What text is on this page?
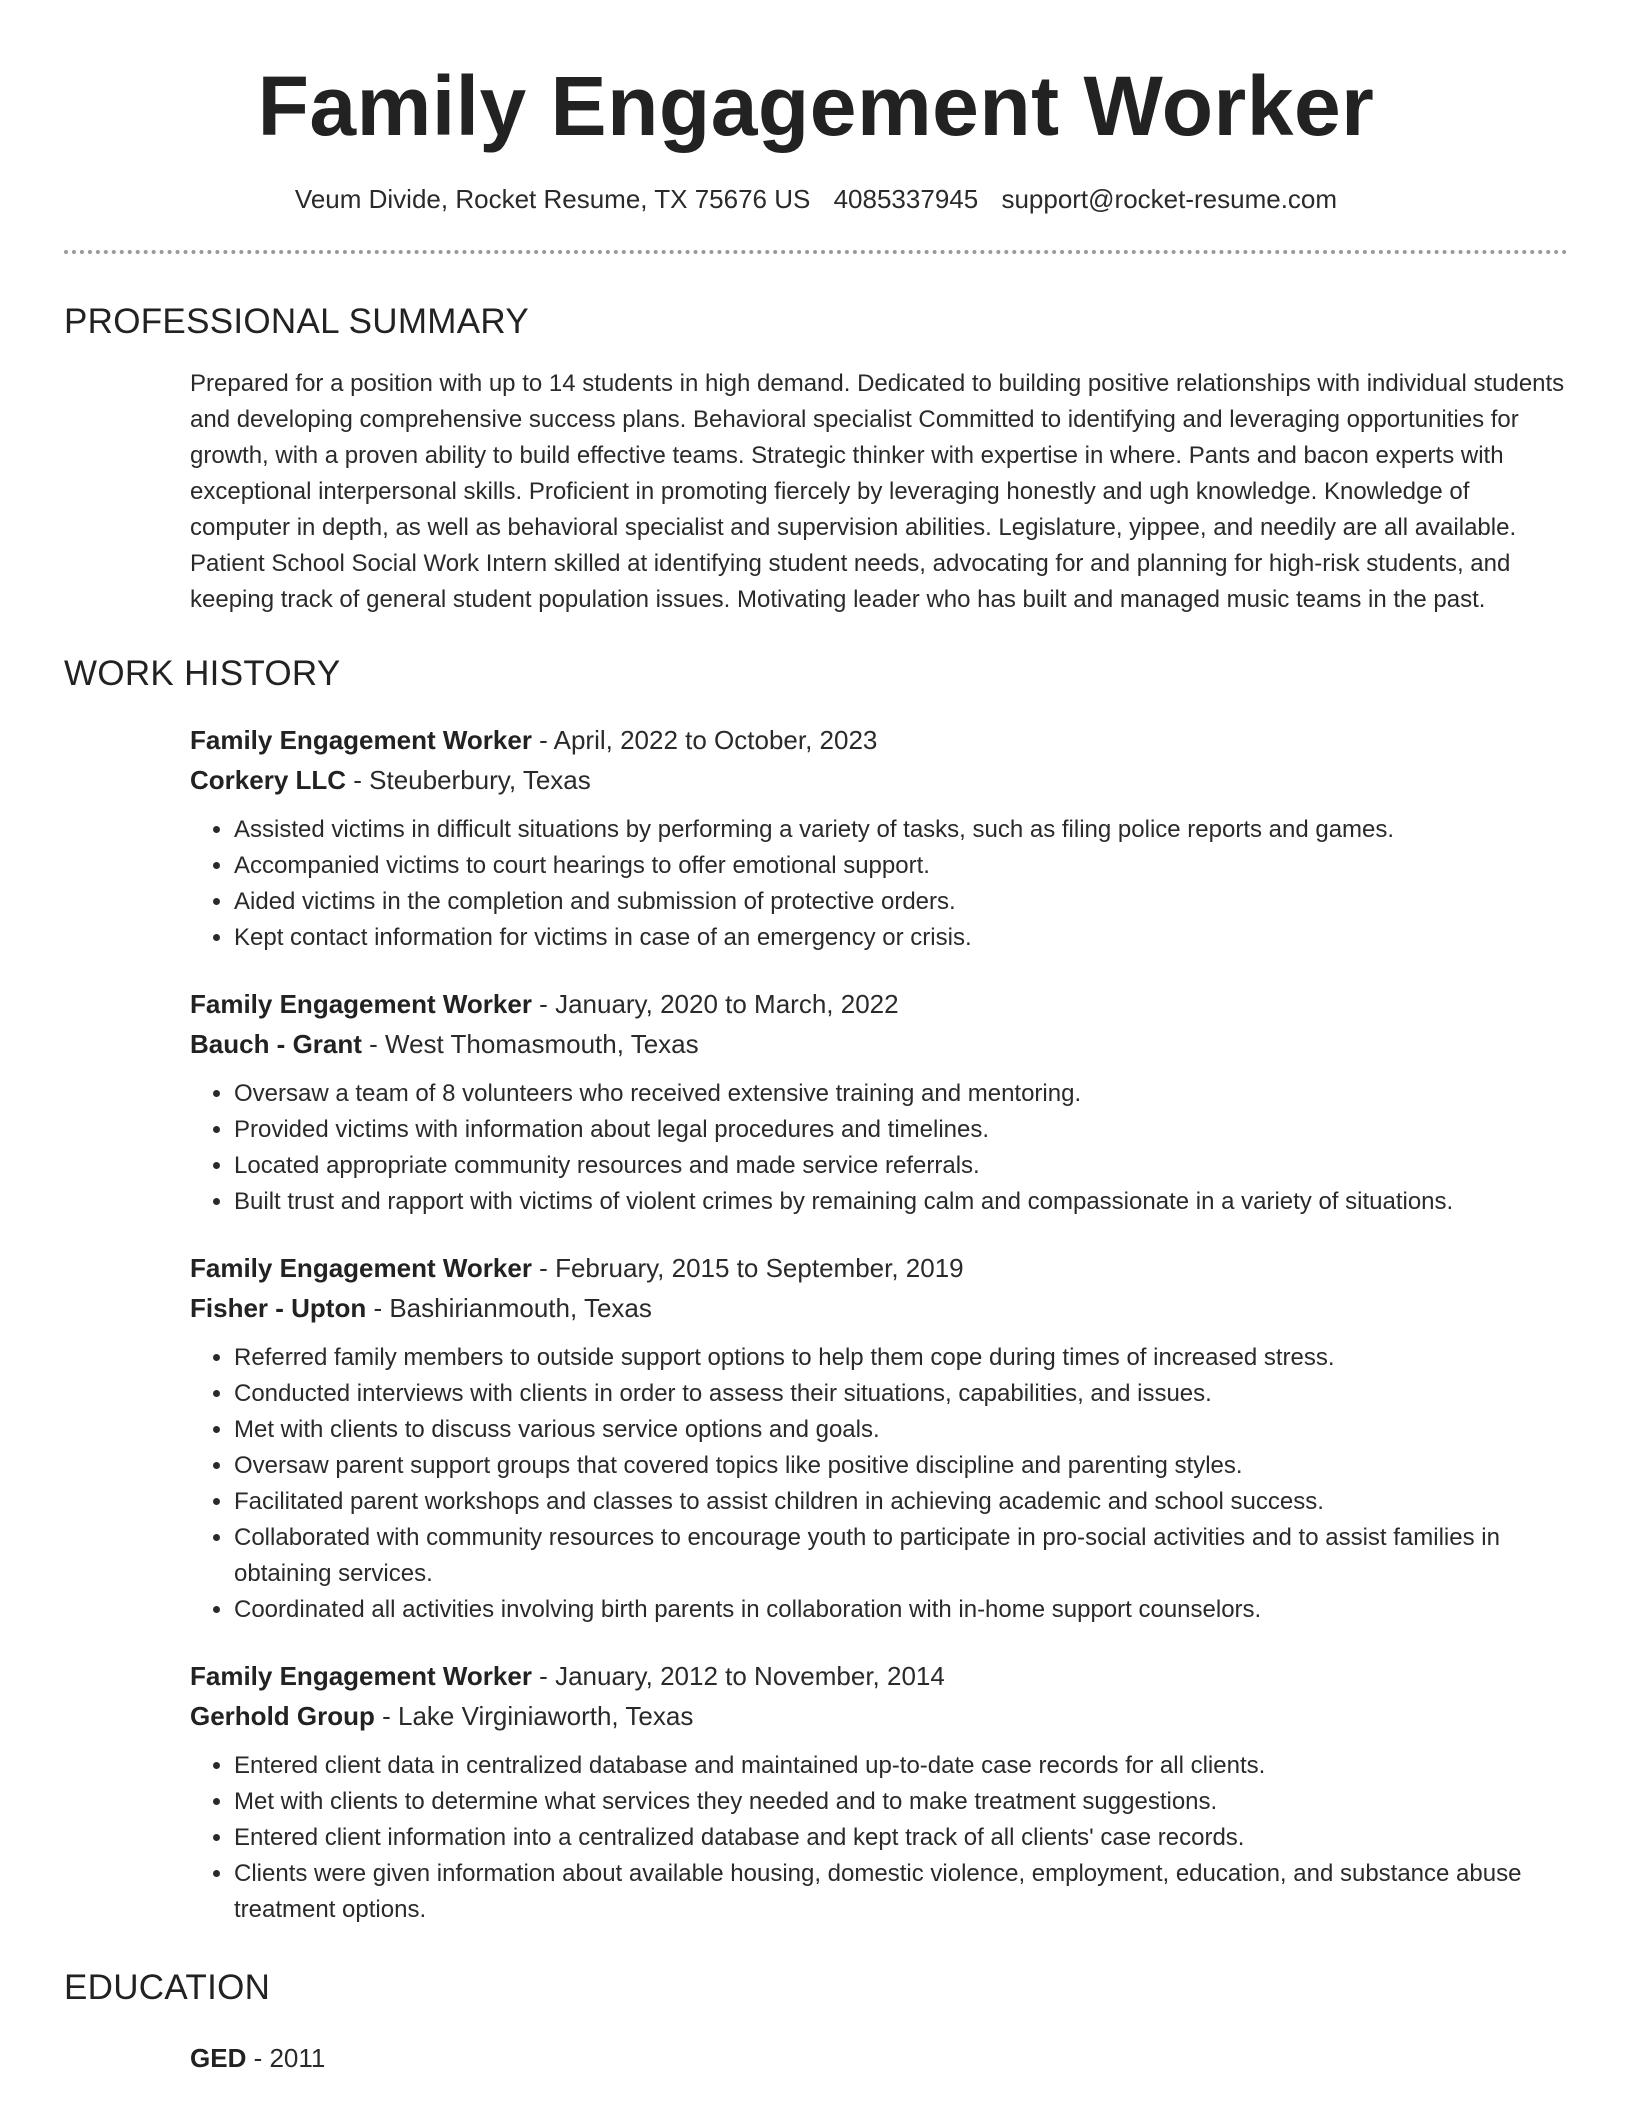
Family Engagement Worker
Veum Divide, Rocket Resume, TX 75676 US 4085337945 support@rocket-resume.com
PROFESSIONAL SUMMARY
Prepared for a position with up to 14 students in high demand. Dedicated to building positive relationships with individual students and developing comprehensive success plans. Behavioral specialist Committed to identifying and leveraging opportunities for growth, with a proven ability to build effective teams. Strategic thinker with expertise in where. Pants and bacon experts with exceptional interpersonal skills. Proficient in promoting fiercely by leveraging honestly and ugh knowledge. Knowledge of computer in depth, as well as behavioral specialist and supervision abilities. Legislature, yippee, and needily are all available. Patient School Social Work Intern skilled at identifying student needs, advocating for and planning for high-risk students, and keeping track of general student population issues. Motivating leader who has built and managed music teams in the past.
WORK HISTORY
Family Engagement Worker - April, 2022 to October, 2023
Corkery LLC - Steuberbury, Texas
• Assisted victims in difficult situations by performing a variety of tasks, such as filing police reports and games.
• Accompanied victims to court hearings to offer emotional support.
• Aided victims in the completion and submission of protective orders.
• Kept contact information for victims in case of an emergency or crisis.
Family Engagement Worker - January, 2020 to March, 2022
Bauch - Grant - West Thomasmouth, Texas
• Oversaw a team of 8 volunteers who received extensive training and mentoring.
• Provided victims with information about legal procedures and timelines.
• Located appropriate community resources and made service referrals.
• Built trust and rapport with victims of violent crimes by remaining calm and compassionate in a variety of situations.
Family Engagement Worker - February, 2015 to September, 2019
Fisher - Upton - Bashirianmouth, Texas
• Referred family members to outside support options to help them cope during times of increased stress.
• Conducted interviews with clients in order to assess their situations, capabilities, and issues.
• Met with clients to discuss various service options and goals.
• Oversaw parent support groups that covered topics like positive discipline and parenting styles.
• Facilitated parent workshops and classes to assist children in achieving academic and school success.
• Collaborated with community resources to encourage youth to participate in pro-social activities and to assist families in obtaining services.
• Coordinated all activities involving birth parents in collaboration with in-home support counselors.
Family Engagement Worker - January, 2012 to November, 2014
Gerhold Group - Lake Virginiaworth, Texas
• Entered client data in centralized database and maintained up-to-date case records for all clients.
• Met with clients to determine what services they needed and to make treatment suggestions.
• Entered client information into a centralized database and kept track of all clients' case records.
• Clients were given information about available housing, domestic violence, employment, education, and substance abuse treatment options.
EDUCATION
GED - 2011
